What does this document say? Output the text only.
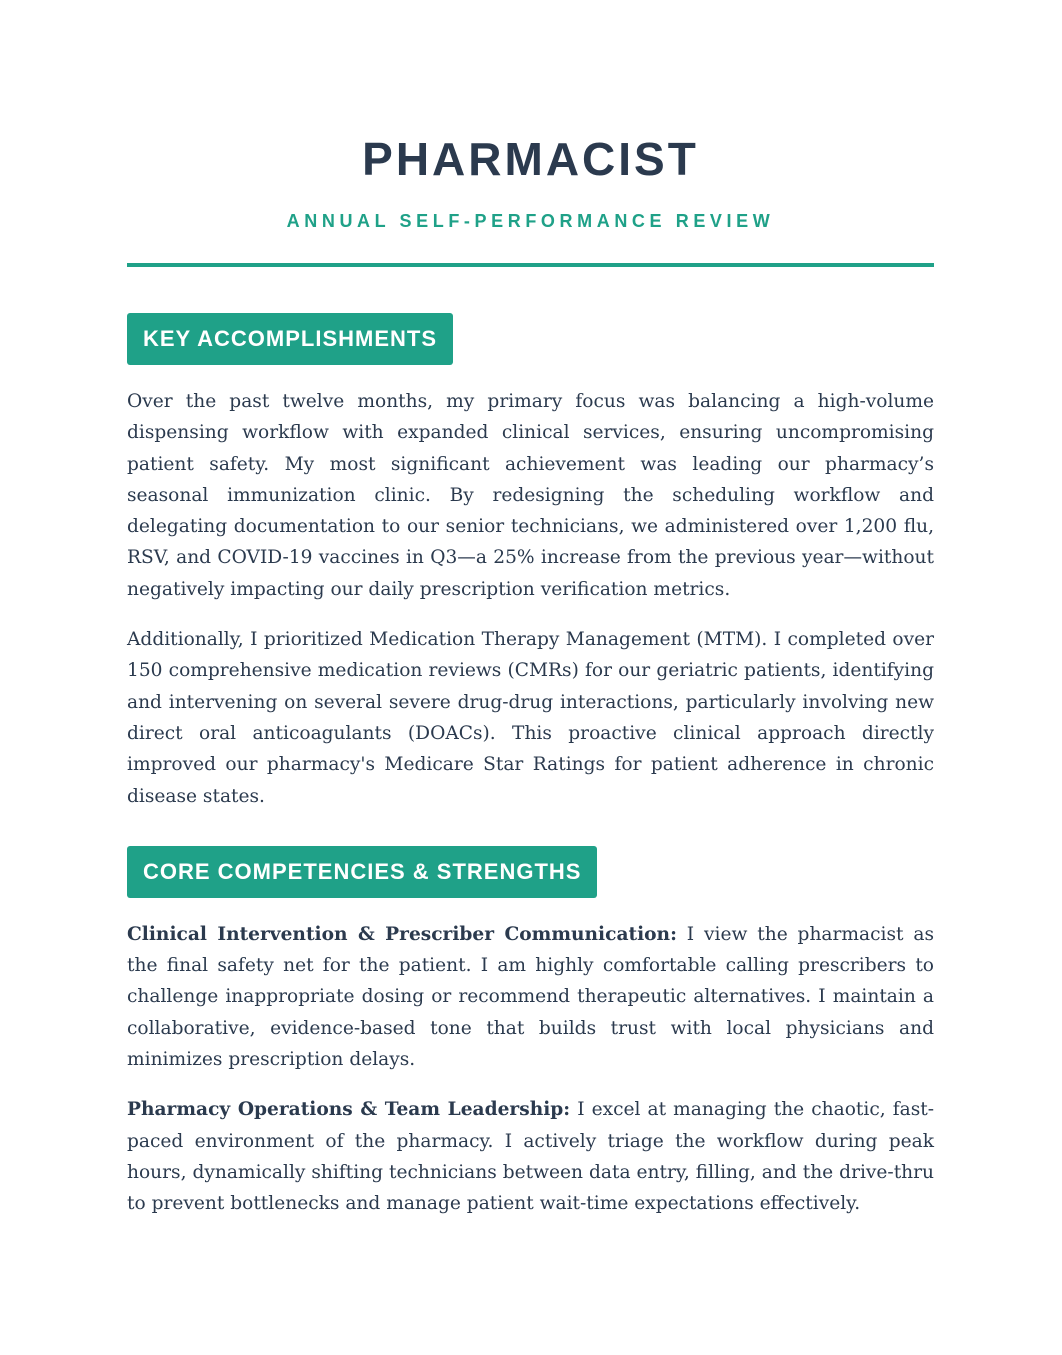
PHARMACIST
ANNUAL SELF-PERFORMANCE REVIEW
KEY ACCOMPLISHMENTS

Over the past twelve months, my primary focus was balancing a high-volume dispensing workflow with expanded clinical services, ensuring uncompromising patient safety. My most significant achievement was leading our pharmacy’s seasonal immunization clinic. By redesigning the scheduling workflow and delegating documentation to our senior technicians, we administered over 1,200 flu, RSV, and COVID-19 vaccines in Q3—a 25% increase from the previous year—without negatively impacting our daily prescription verification metrics.

Additionally, I prioritized Medication Therapy Management (MTM). I completed over 150 comprehensive medication reviews (CMRs) for our geriatric patients, identifying and intervening on several severe drug-drug interactions, particularly involving new direct oral anticoagulants (DOACs). This proactive clinical approach directly improved our pharmacy's Medicare Star Ratings for patient adherence in chronic disease states.

CORE COMPETENCIES & STRENGTHS

Clinical Intervention & Prescriber Communication: I view the pharmacist as the final safety net for the patient. I am highly comfortable calling prescribers to challenge inappropriate dosing or recommend therapeutic alternatives. I maintain a collaborative, evidence-based tone that builds trust with local physicians and minimizes prescription delays.

Pharmacy Operations & Team Leadership: I excel at managing the chaotic, fast-paced environment of the pharmacy. I actively triage the workflow during peak hours, dynamically shifting technicians between data entry, filling, and the drive-thru to prevent bottlenecks and manage patient wait-time expectations effectively.
